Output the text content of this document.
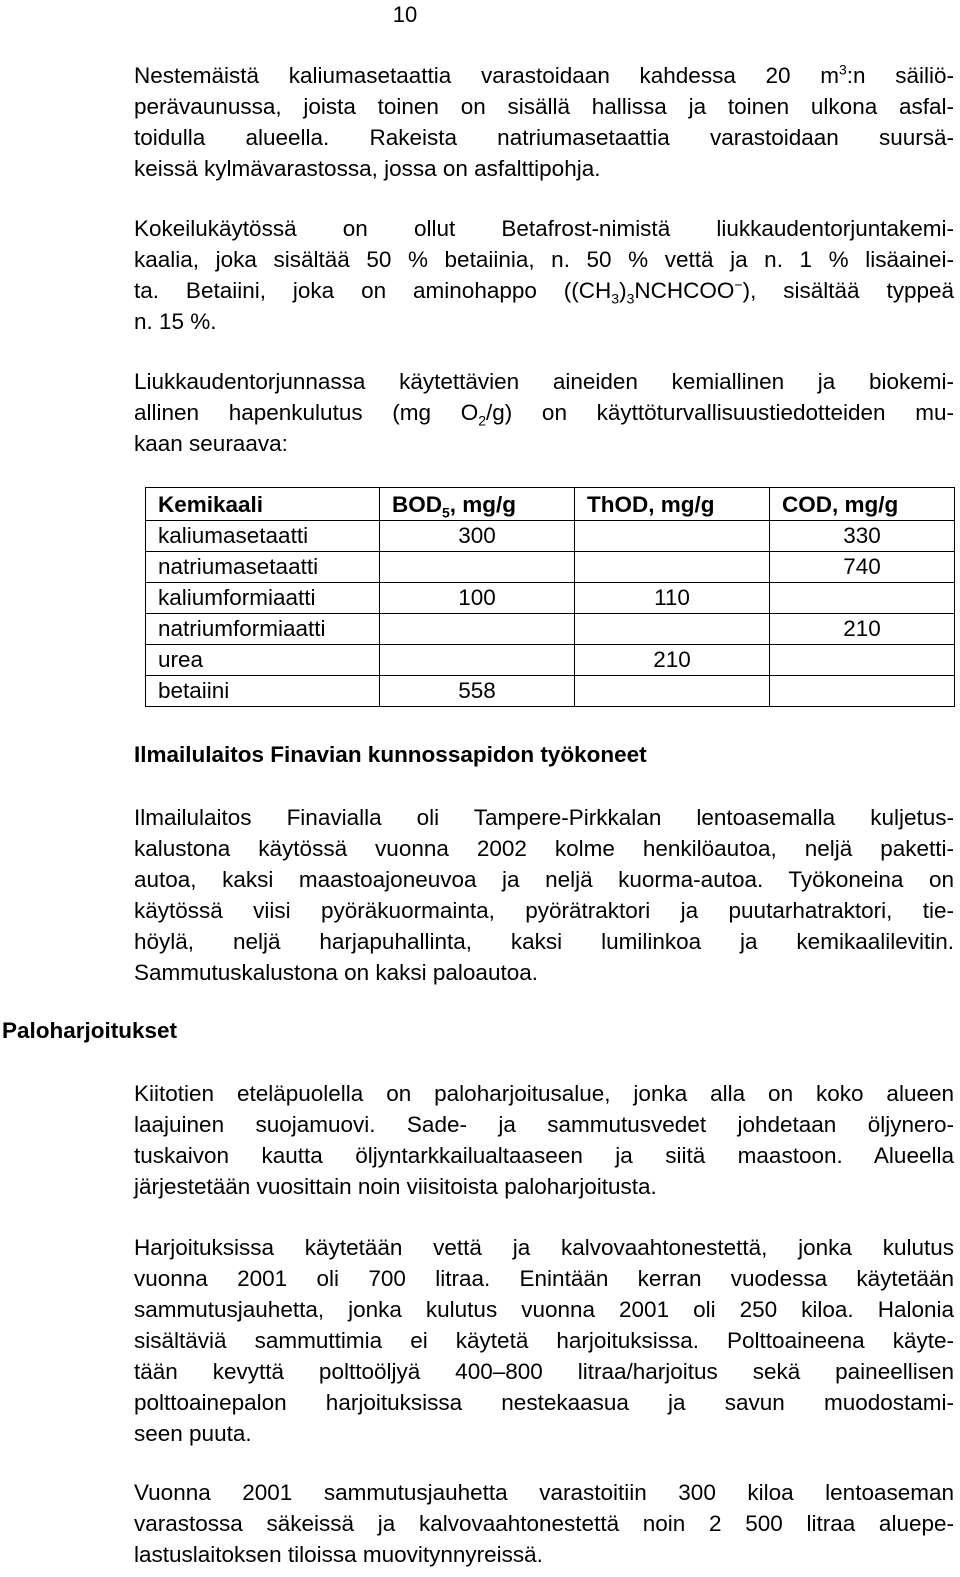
10
Nestemäistä kaliumasetaattia varastoidaan kahdessa 20 $m^3:n$ säiliö-
perävaunussa, joista toinen on sisällä hallissa ja toinen ulkona asfal-
toidulla alueella. Rakeista natriumasetaattia varastoidaan suursä-
keissä kylmävarastossa, jossa on asfalttipohja.
Kokeilukäytössä on ollut Betafrost-nimistä liukkaudentorjuntakemi-
kaalia, joka sisältää 50 % betaiinia, n. 50 % vettä ja n. 1 % lisäainei-
ta. Betaiini, joka on aminohappo $((CH_3)_3NCHCOO^-)$, sisältää typpeä
n. 15 %.
Liukkaudentorjunnassa käytettävien aineiden kemiallinen ja biokemi-
allinen hapenkulutus (mg $O_2/g$) on käyttöturvallisuustiedotteiden mu-
kaan seuraava:
Kemikaali	$BOD_5$, mg/g	ThOD, mg/g	COD, mg/g
kaliumasetaatti	300		330
natriumasetaatti			740
kaliumformiaatti	100	110	
natriumformiaatti			210
urea		210	
betaiini	558		
Ilmailulaitos Finavian kunnossapidon työkoneet
Ilmailulaitos Finavialla oli Tampere-Pirkkalan lentoasemalla kuljetus-
kalustona käytössä vuonna 2002 kolme henkilöautoa, neljä paketti-
autoa, kaksi maastoajoneuvoa ja neljä kuorma-autoa. Työkoneina on
käytössä viisi pyöräkuormainta, pyörätraktori ja puutarhatraktori, tie-
höylä, neljä harjapuhallinta, kaksi lumilinkoa ja kemikaalilevitin.
Sammutuskalustona on kaksi paloautoa.
Paloharjoitukset
Kiitotien eteläpuolella on paloharjoitusalue, jonka alla on koko alueen
laajuinen suojamuovi. Sade- ja sammutusvedet johdetaan öljynero-
tuskaivon kautta öljyntarkkailualtaaseen ja siitä maastoon. Alueella
järjestetään vuosittain noin viisitoista paloharjoitusta.
Harjoituksissa käytetään vettä ja kalvovaahtonestettä, jonka kulutus
vuonna 2001 oli 700 litraa. Enintään kerran vuodessa käytetään
sammutusjauhetta, jonka kulutus vuonna 2001 oli 250 kiloa. Halonia
sisältäviä sammuttimia ei käytetä harjoituksissa. Polttoaineena käyte-
tään kevyttä polttoöljyä 400–800 litraa/harjoitus sekä paineellisen
polttoainepalon harjoituksissa nestekaasua ja savun muodostami-
seen puuta.
Vuonna 2001 sammutusjauhetta varastoitiin 300 kiloa lentoaseman
varastossa säkeissä ja kalvovaahtonestettä noin 2 500 litraa aluepe-
lastuslaitoksen tiloissa muovitynnyreissä.
